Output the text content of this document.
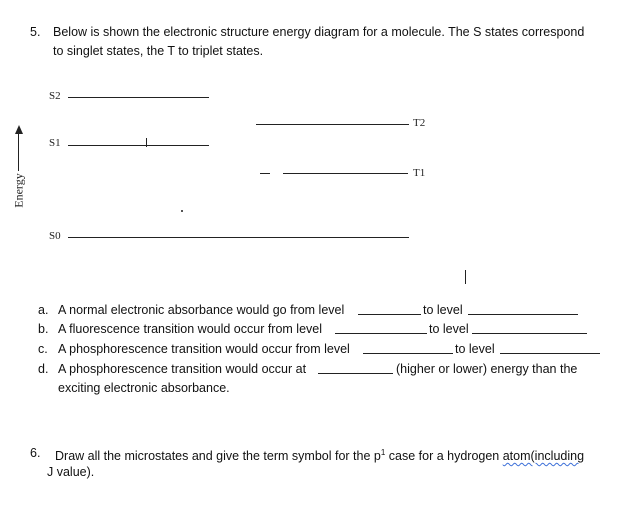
5. Below is shown the electronic structure energy diagram for a molecule. The S states correspond
to singlet states, the T to triplet states.
Energy
S2
S1
T2
T1
S0
a. A normal electronic absorbance would go from level	to level
b. A fluorescence transition would occur from level	to level
c. A phosphorescence transition would occur from level	to level
d. A phosphorescence transition would occur at	(higher or lower) energy than the
exciting electronic absorbance.
6. Draw all the microstates and give the term symbol for the $p^1$ case for a hydrogen atom(including
J value).
